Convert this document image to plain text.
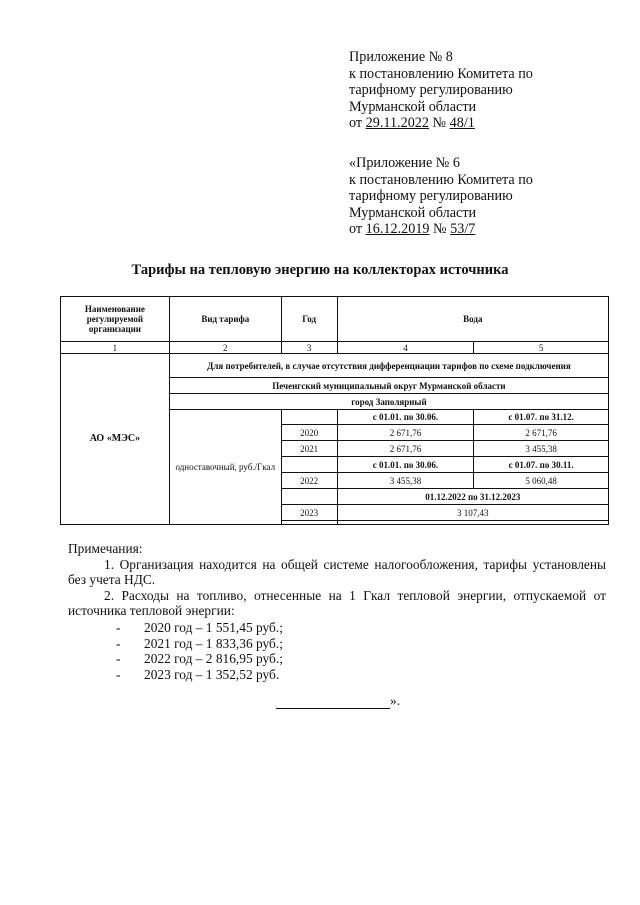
Приложение № 8
к постановлению Комитета по
тарифному регулированию
Мурманской области
от 29.11.2022 № 48/1
«Приложение № 6
к постановлению Комитета по
тарифному регулированию
Мурманской области
от 16.12.2019 № 53/7
Тарифы на тепловую энергию на коллекторах источника
Наименование регулируемой организации	Вид тарифа	Год	Вода	
1	2	3	4	5
АО «МЭС»	Для потребителей, в случае отсутствия дифференциации тарифов по схеме подключения			
	Печенгский муниципальный округ Мурманской области			
	город Заполярный			
	одноставочный, руб./Гкал		с 01.01. по 30.06.	с 01.07. по 31.12.
		2020	2 671,76	2 671,76
		2021	2 671,76	3 455,38
			с 01.01. по 30.06.	с 01.07. по 30.11.
		2022	3 455,38	5 060,48
			01.12.2022 по 31.12.2023	
		2023	3 107,43	

Примечания:

1. Организация находится на общей системе налогообложения, тарифы установлены без учета НДС.

2. Расходы на топливо, отнесенные на 1 Гкал тепловой энергии, отпускаемой от источника тепловой энергии:

- 2020 год – 1 551,45 руб.;
- 2021 год – 1 833,36 руб.;
- 2022 год – 2 816,95 руб.;
- 2023 год – 1 352,52 руб.
».
